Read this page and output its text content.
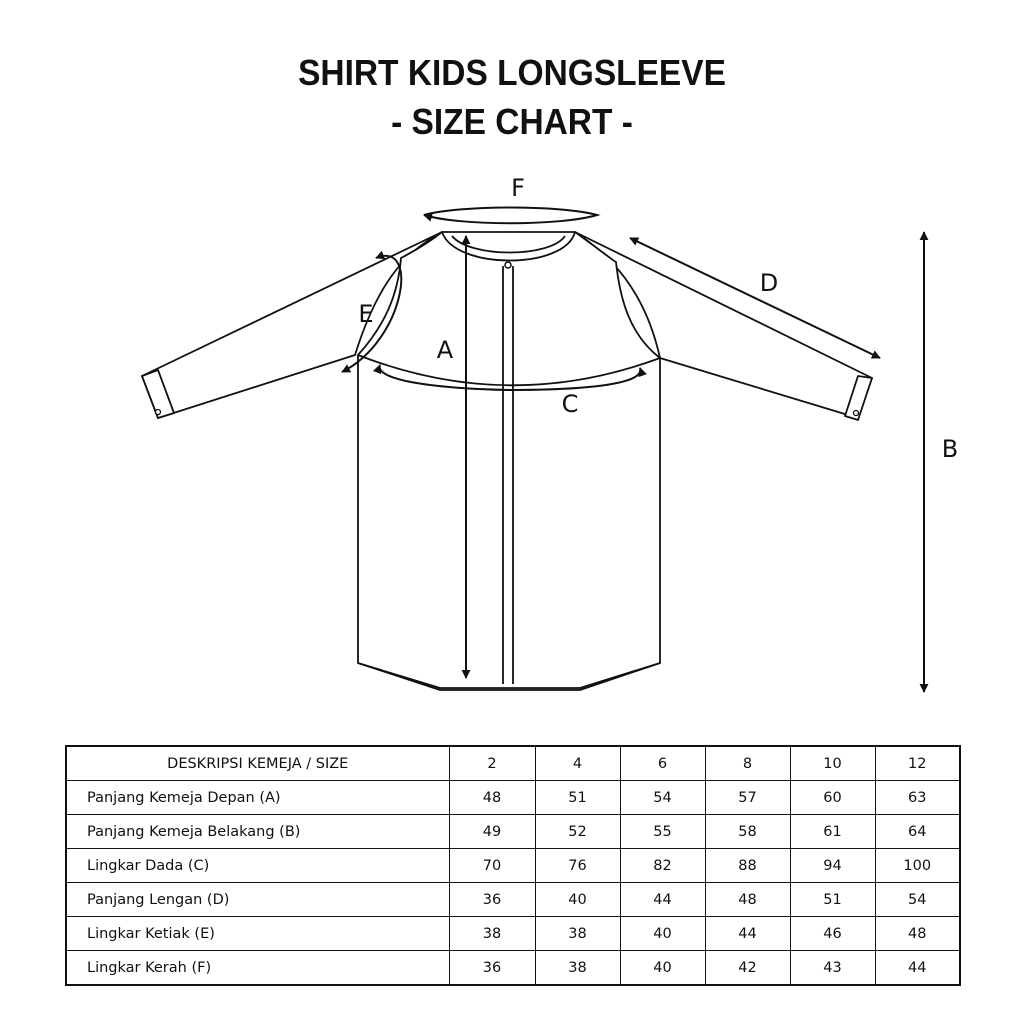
SHIRT KIDS LONGSLEEVE
- SIZE CHART -
F
A
B
C
D
E
DESKRIPSI KEMEJA / SIZE	2	4	6	8	10	12
Panjang Kemeja Depan (A)	48	51	54	57	60	63
Panjang Kemeja Belakang (B)	49	52	55	58	61	64
Lingkar Dada (C)	70	76	82	88	94	100
Panjang Lengan (D)	36	40	44	48	51	54
Lingkar Ketiak (E)	38	38	40	44	46	48
Lingkar Kerah (F)	36	38	40	42	43	44
